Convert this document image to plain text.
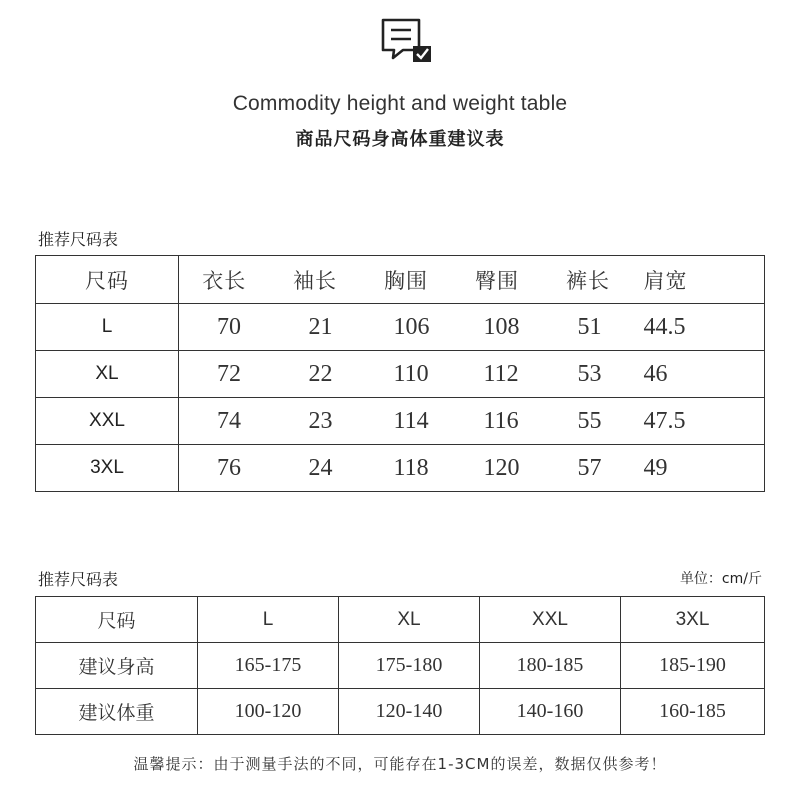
Commodity height and weight table
商品尺码身高体重建议表
推荐尺码表
尺码	衣长	袖长	胸围	臀围	裤长	肩宽
L	70	21	106	108	51	44.5
XL	72	22	110	112	53	46
XXL	74	23	114	116	55	47.5
3XL	76	24	118	120	57	49
推荐尺码表	单位：cm/斤
尺码	L	XL	XXL	3XL
建议身高	165-175	175-180	180-185	185-190
建议体重	100-120	120-140	140-160	160-185
温馨提示：由于测量手法的不同，可能存在1-3CM的误差，数据仅供参考！
